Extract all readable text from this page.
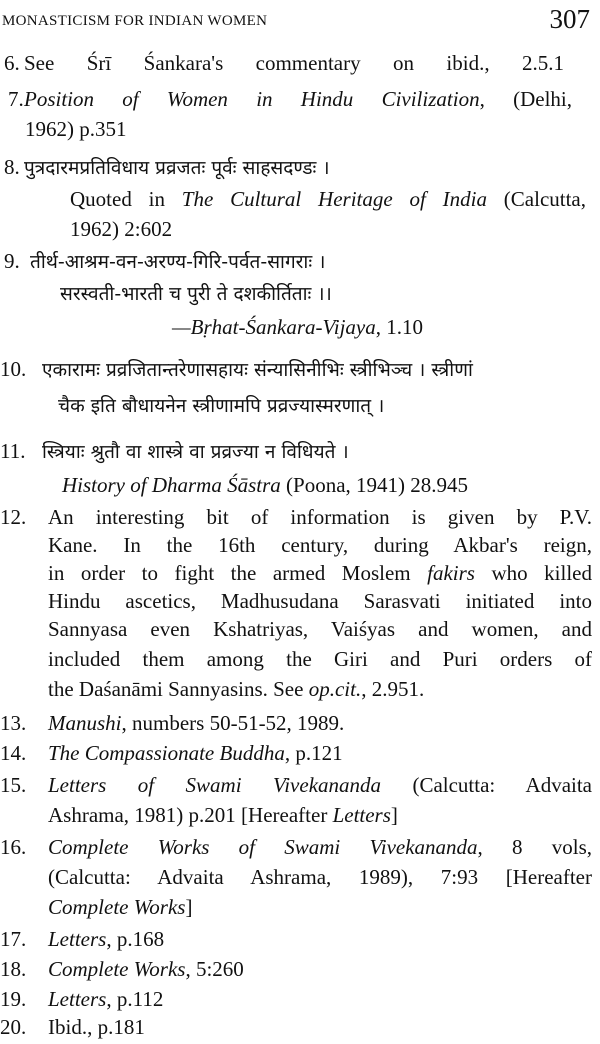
MONASTICISM FOR INDIAN WOMEN	307
6. See Śrī Śankara's commentary on ibid., 2.5.1
7. Position of Women in Hindu Civilization, (Delhi,
1962) p.351
8. पुत्रदारमप्रतिविधाय प्रव्रजतः पूर्वः साहसदण्डः ।
Quoted in The Cultural Heritage of India (Calcutta,
1962) 2:602
9. तीर्थ-आश्रम-वन-अरण्य-गिरि-पर्वत-सागराः ।
सरस्वती-भारती च पुरी ते दशकीर्तिताः ।।
—Bṛhat-Śankara-Vijaya, 1.10
10. एकारामः प्रव्रजितान्तरेणासहायः संन्यासिनीभिः स्त्रीभिञ्च । स्त्रीणां
चैक इति बौधायनेन स्त्रीणामपि प्रव्रज्यास्मरणात् ।
11. स्त्रियाः श्रुतौ वा शास्त्रे वा प्रव्रज्या न विधियते ।
History of Dharma Śāstra (Poona, 1941) 28.945
12. An interesting bit of information is given by P.V.
Kane. In the 16th century, during Akbar's reign,
in order to fight the armed Moslem fakirs who killed
Hindu ascetics, Madhusudana Sarasvati initiated into
Sannyasa even Kshatriyas, Vaiśyas and women, and
included them among the Giri and Puri orders of
the Daśanāmi Sannyasins. See op.cit., 2.951.
13. Manushi, numbers 50-51-52, 1989.
14. The Compassionate Buddha, p.121
15. Letters of Swami Vivekananda (Calcutta: Advaita
Ashrama, 1981) p.201 [Hereafter Letters]
16. Complete Works of Swami Vivekananda, 8 vols,
(Calcutta: Advaita Ashrama, 1989), 7:93 [Hereafter
Complete Works]
17. Letters, p.168
18. Complete Works, 5:260
19. Letters, p.112
20. Ibid., p.181
